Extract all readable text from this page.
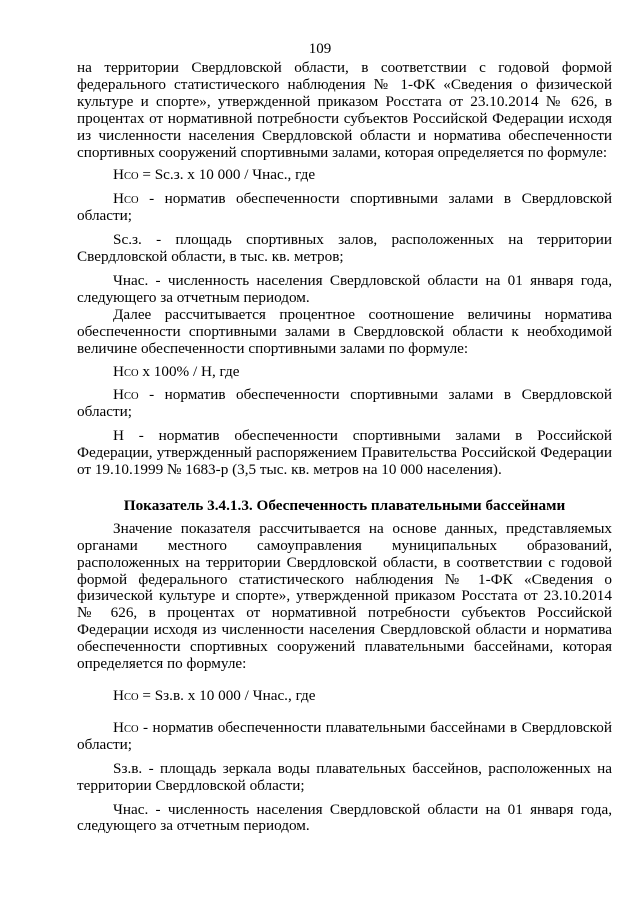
109

на территории Свердловской области, в соответствии с годовой формой федерального статистического наблюдения № 1-ФК «Сведения о физической культуре и спорте», утвержденной приказом Росстата от 23.10.2014 № 626, в процентах от нормативной потребности субъектов Российской Федерации исходя из численности населения Свердловской области и норматива обеспеченности спортивных сооружений спортивными залами, которая определяется по формуле:

НСО = Sс.з. х 10 000 / Чнас., где

НСО - норматив обеспеченности спортивными залами в Свердловской области;

Sс.з. - площадь спортивных залов, расположенных на территории Свердловской области, в тыс. кв. метров;

Чнас. - численность населения Свердловской области на 01 января года, следующего за отчетным периодом.

Далее рассчитывается процентное соотношение величины норматива обеспеченности спортивными залами в Свердловской области к необходимой величине обеспеченности спортивными залами по формуле:

НСО х 100% / Н, где

НСО - норматив обеспеченности спортивными залами в Свердловской области;

Н - норматив обеспеченности спортивными залами в Российской Федерации, утвержденный распоряжением Правительства Российской Федерации от 19.10.1999 № 1683-р (3,5 тыс. кв. метров на 10 000 населения).

Показатель 3.4.1.3. Обеспеченность плавательными бассейнами

Значение показателя рассчитывается на основе данных, представляемых органами местного самоуправления муниципальных образований, расположенных на территории Свердловской области, в соответствии с годовой формой федерального статистического наблюдения № 1-ФК «Сведения о физической культуре и спорте», утвержденной приказом Росстата от 23.10.2014 № 626, в процентах от нормативной потребности субъектов Российской Федерации исходя из численности населения Свердловской области и норматива обеспеченности спортивных сооружений плавательными бассейнами, которая определяется по формуле:

НСО = Sз.в. х 10 000 / Чнас., где

НСО - норматив обеспеченности плавательными бассейнами в Свердловской области;

Sз.в. - площадь зеркала воды плавательных бассейнов, расположенных на территории Свердловской области;

Чнас. - численность населения Свердловской области на 01 января года, следующего за отчетным периодом.
